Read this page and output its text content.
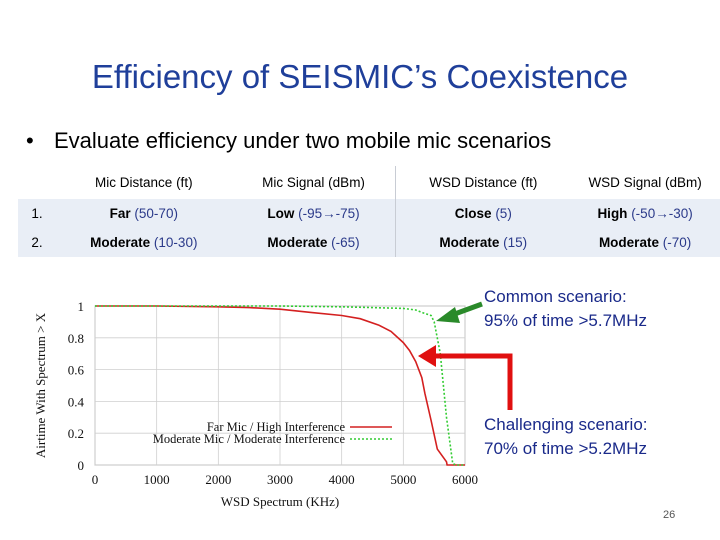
Efficiency of SEISMIC’s Coexistence
• Evaluate efficiency under two mobile mic scenarios
	Mic Distance (ft)	Mic Signal (dBm)	WSD Distance (ft)	WSD Signal (dBm)
1.	Far (50-70)	Low (-95→-75)	Close (5)	High (-50→-30)
2.	Moderate (10-30)	Moderate (-65)	Moderate (15)	Moderate (-70)
0	1000	2000	3000	4000	5000	6000
0
0.2
0.4
0.6
0.8
1
WSD Spectrum (KHz)
Airtime With Spectrum > X	Far Mic / High Interference
Moderate Mic / Moderate Interference
Common scenario:
95% of time >5.7MHz
Challenging scenario:
70% of time >5.2MHz
26
